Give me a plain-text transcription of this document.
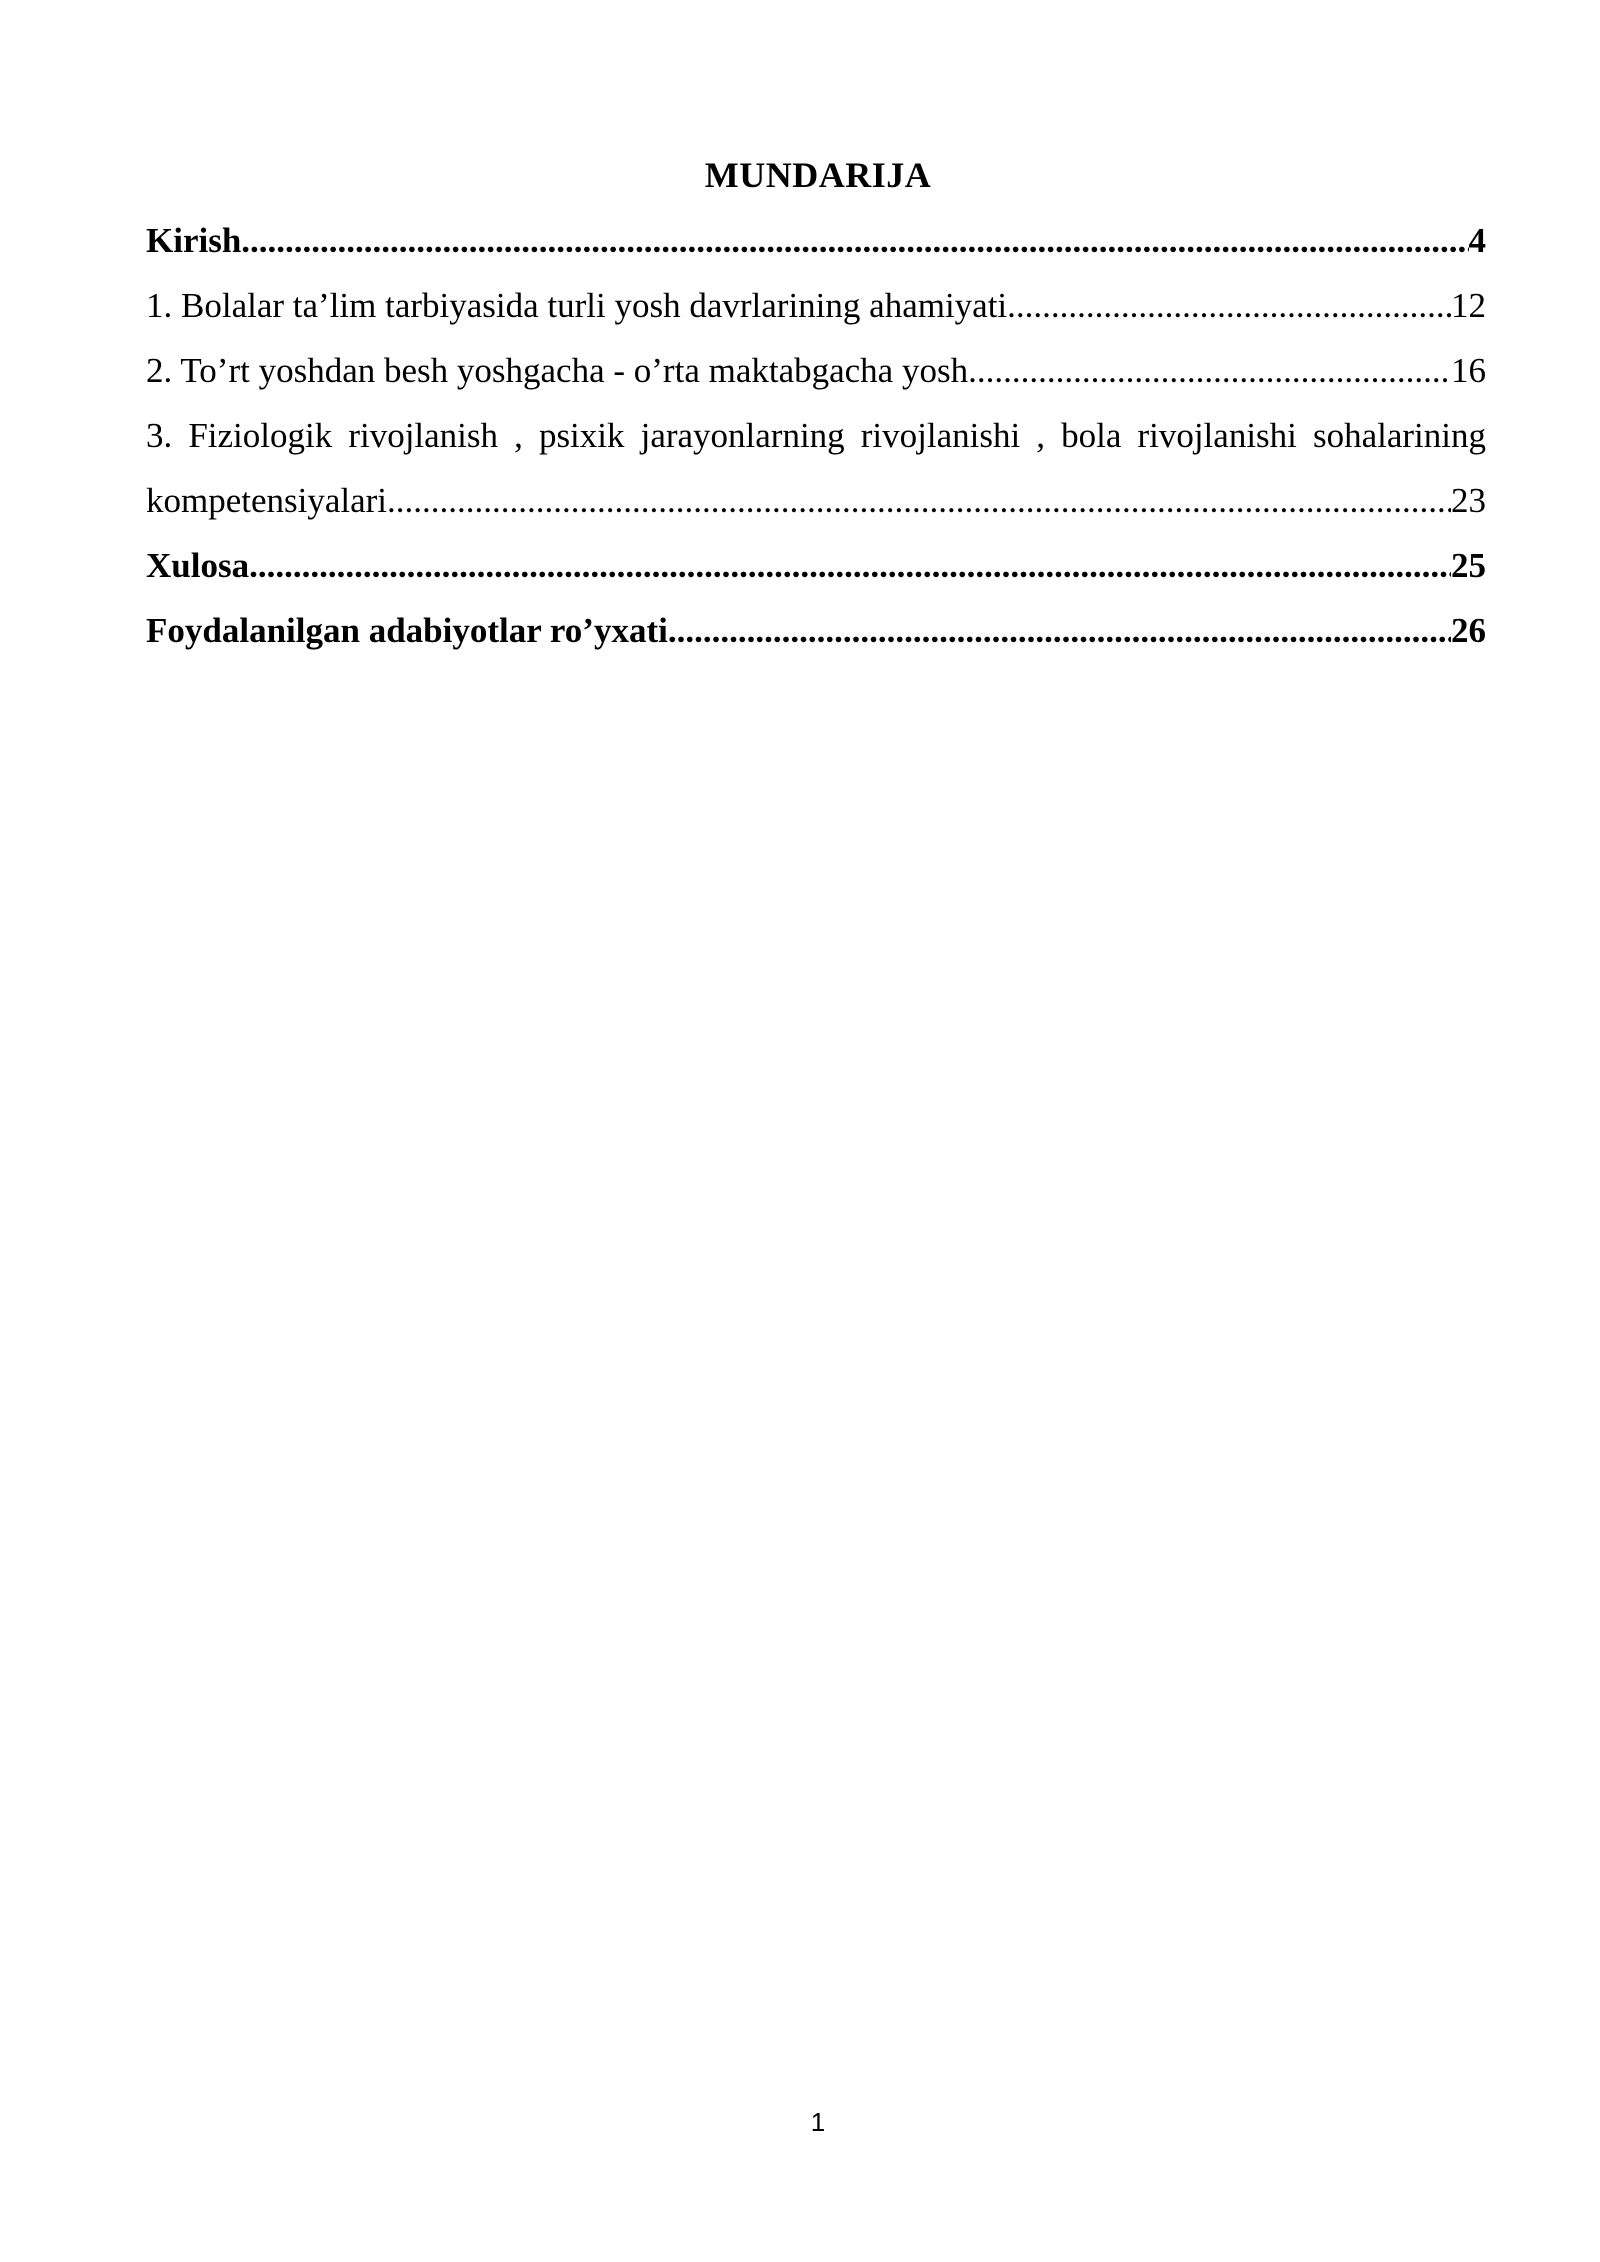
MUNDARIJA
Kirish .....	4
1. Bolalar ta’lim tarbiyasida turli yosh davrlarining ahamiyati .....	12
2. To’rt yoshdan besh yoshgacha - o’rta maktabgacha yosh .....	16
3. Fiziologik rivojlanish , psixik jarayonlarning rivojlanishi , bola rivojlanishi sohalarining
kompetensiyalari .....	23
Xulosa .....	25
Foydalanilgan adabiyotlar ro’yxati .....	26
1
